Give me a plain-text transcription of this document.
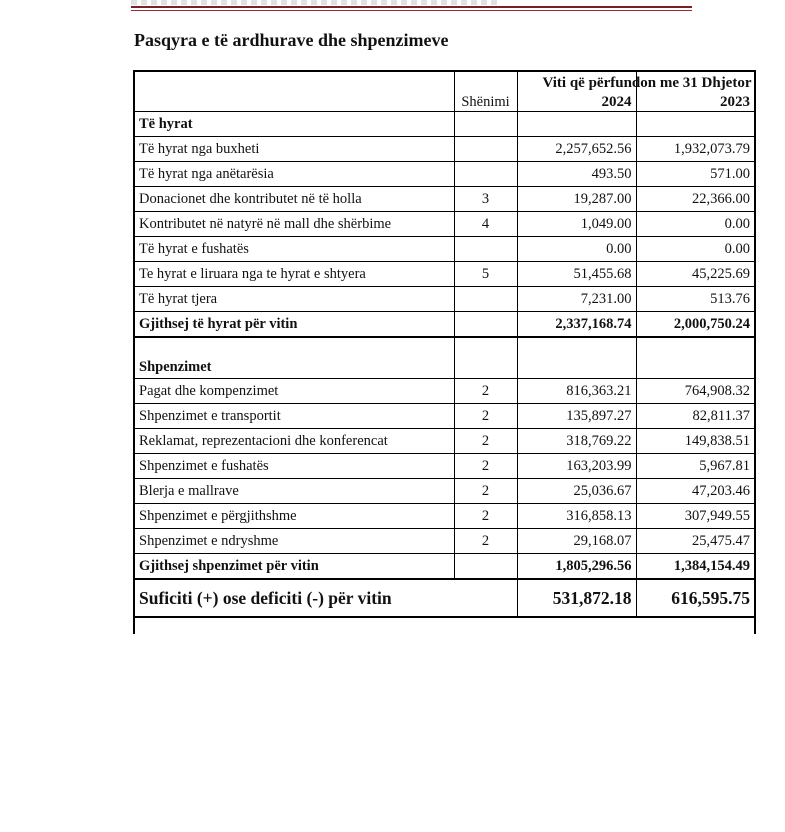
Pasqyra e të ardhurave dhe shpenzimeve
	Shënimi	Viti që përfundon me 31 Dhjetor
2024	2023

Të hyrat			
Të hyrat nga buxheti		2,257,652.56	1,932,073.79
Të hyrat nga anëtarësia		493.50	571.00
Donacionet dhe kontributet në të holla	3	19,287.00	22,366.00
Kontributet në natyrë në mall dhe shërbime	4	1,049.00	0.00
Të hyrat e fushatës		0.00	0.00
Te hyrat e liruara nga te hyrat e shtyera	5	51,455.68	45,225.69
Të hyrat tjera		7,231.00	513.76
Gjithsej të hyrat për vitin		2,337,168.74	2,000,750.24
Shpenzimet			
Pagat dhe kompenzimet	2	816,363.21	764,908.32
Shpenzimet e transportit	2	135,897.27	82,811.37
Reklamat, reprezentacioni dhe konferencat	2	318,769.22	149,838.51
Shpenzimet e fushatës	2	163,203.99	5,967.81
Blerja e mallrave	2	25,036.67	47,203.46
Shpenzimet e përgjithshme	2	316,858.13	307,949.55
Shpenzimet e ndryshme	2	29,168.07	25,475.47
Gjithsej shpenzimet për vitin		1,805,296.56	1,384,154.49
Suficiti (+) ose deficiti (-) për vitin		531,872.18	616,595.75
